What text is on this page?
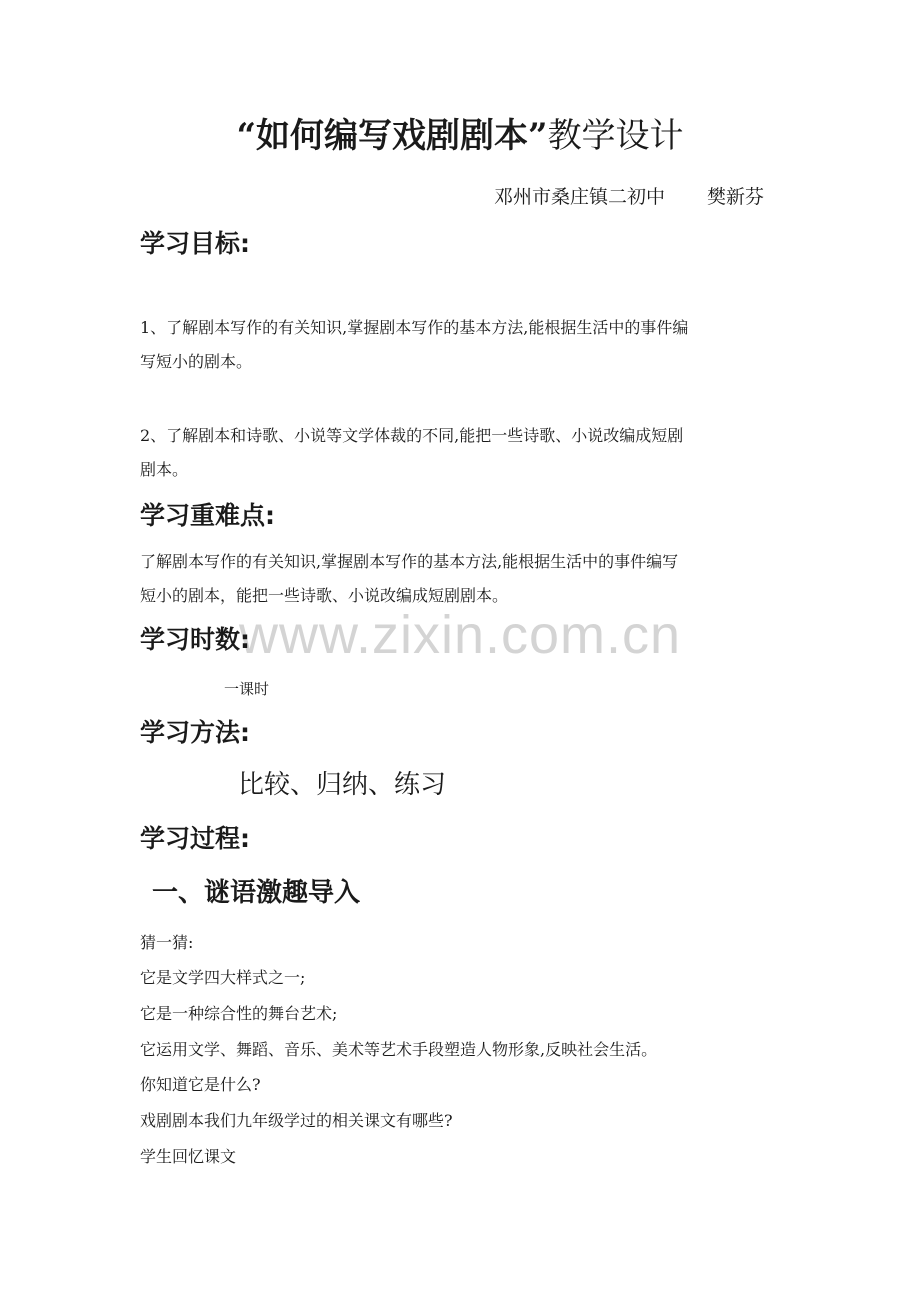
www.zixin.com.cn
“如何编写戏剧剧本”教学设计
邓州市桑庄镇二初中 樊新芬
学习目标:
1、了解剧本写作的有关知识,掌握剧本写作的基本方法,能根据生活中的事件编
写短小的剧本。
2、了解剧本和诗歌、小说等文学体裁的不同,能把一些诗歌、小说改编成短剧
剧本。
学习重难点:
了解剧本写作的有关知识,掌握剧本写作的基本方法,能根据生活中的事件编写
短小的剧本，能把一些诗歌、小说改编成短剧剧本。
学习时数:
一课时
学习方法:
比较、归纳、练习
学习过程:
一、谜语激趣导入
猜一猜:
它是文学四大样式之一;
它是一种综合性的舞台艺术;
它运用文学、舞蹈、音乐、美术等艺术手段塑造人物形象,反映社会生活。
你知道它是什么?
戏剧剧本我们九年级学过的相关课文有哪些?
学生回忆课文
